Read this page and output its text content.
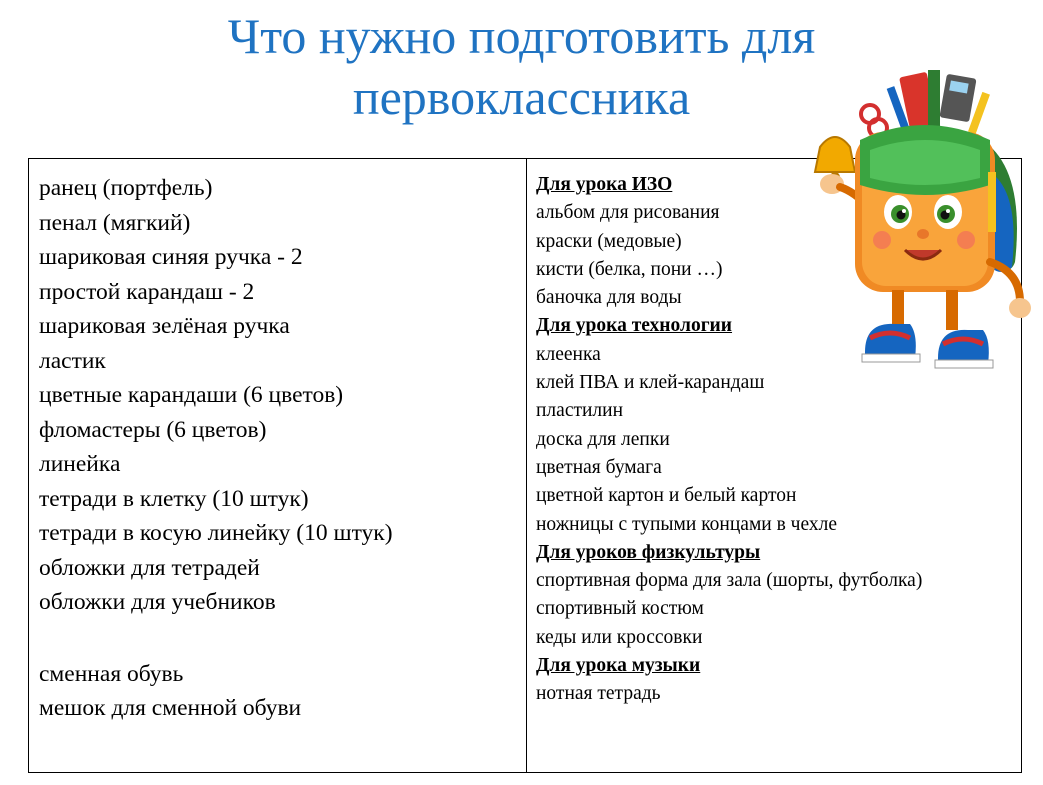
Что нужно подготовить для
первоклассника
ранец (портфель)
пенал (мягкий)
шариковая синяя ручка - 2
простой карандаш - 2
шариковая зелёная ручка
ластик
цветные карандаши (6 цветов)
фломастеры (6 цветов)
линейка
тетради в клетку (10 штук)
тетради в косую линейку (10 штук)
обложки для тетрадей
обложки для учебников
сменная обувь
мешок для сменной обуви
Для урока ИЗО
альбом для рисования
краски (медовые)
кисти (белка, пони …)
баночка для воды
Для урока технологии
клеенка
клей ПВА и клей-карандаш
пластилин
доска для лепки
цветная бумага
цветной картон и белый картон
ножницы с тупыми концами в чехле
Для уроков физкультуры
спортивная форма для зала (шорты, футболка)
спортивный костюм
кеды или кроссовки
Для урока музыки
нотная тетрадь
